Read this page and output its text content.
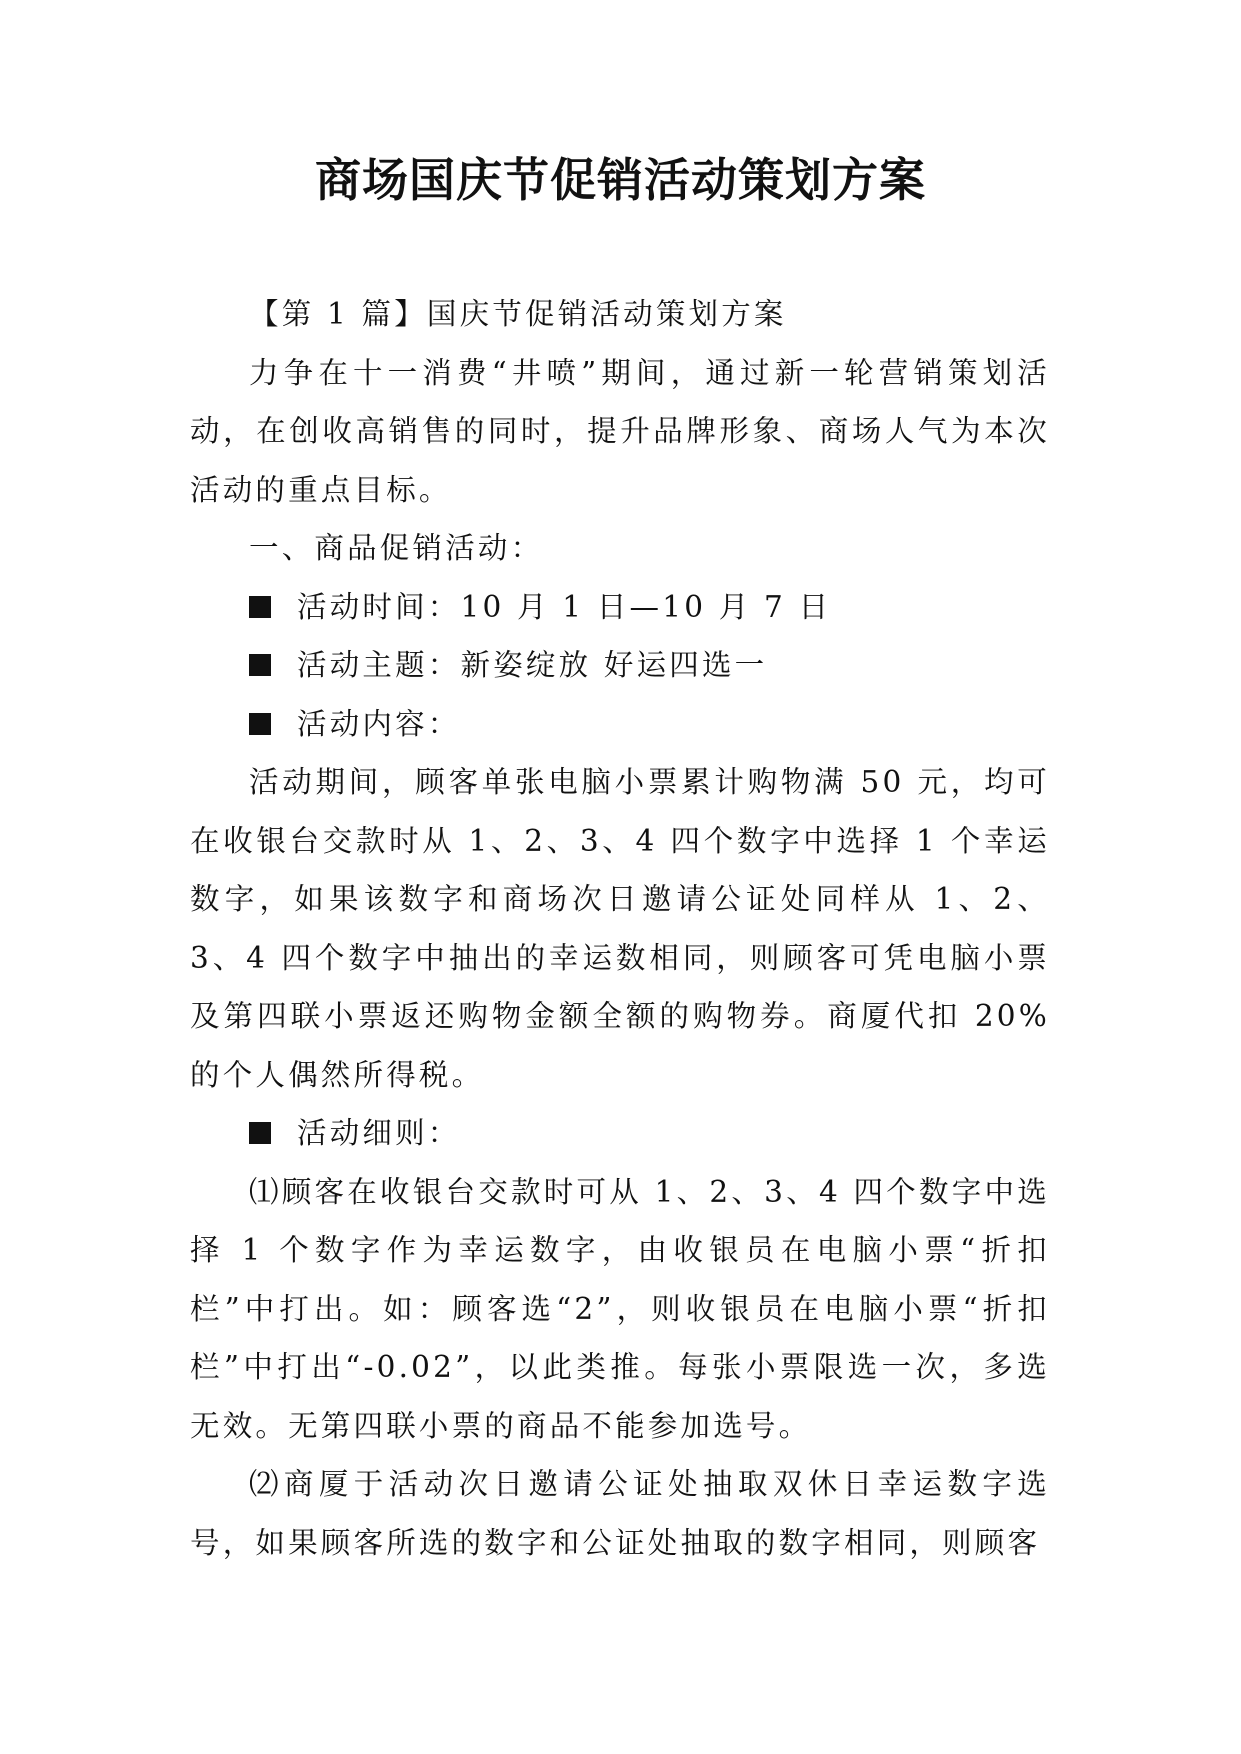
商场国庆节促销活动策划方案

【第 1 篇】国庆节促销活动策划方案

力争在十一消费“井喷”期间，通过新一轮营销策划活动，在创收高销售的同时，提升品牌形象、商场人气为本次活动的重点目标。

一、商品促销活动：

活动时间：10 月 1 日—10 月 7 日

活动主题：新姿绽放 好运四选一

活动内容：

活动期间，顾客单张电脑小票累计购物满 50 元，均可在收银台交款时从 1、2、3、4 四个数字中选择 1 个幸运数字，如果该数字和商场次日邀请公证处同样从 1、2、3、4 四个数字中抽出的幸运数相同，则顾客可凭电脑小票及第四联小票返还购物金额全额的购物券。商厦代扣 20%的个人偶然所得税。

活动细则：

⑴顾客在收银台交款时可从 1、2、3、4 四个数字中选择 1 个数字作为幸运数字，由收银员在电脑小票“折扣栏”中打出。如：顾客选“2”，则收银员在电脑小票“折扣栏”中打出“-0.02”，以此类推。每张小票限选一次，多选无效。无第四联小票的商品不能参加选号。

⑵商厦于活动次日邀请公证处抽取双休日幸运数字选号，如果顾客所选的数字和公证处抽取的数字相同，则顾客
